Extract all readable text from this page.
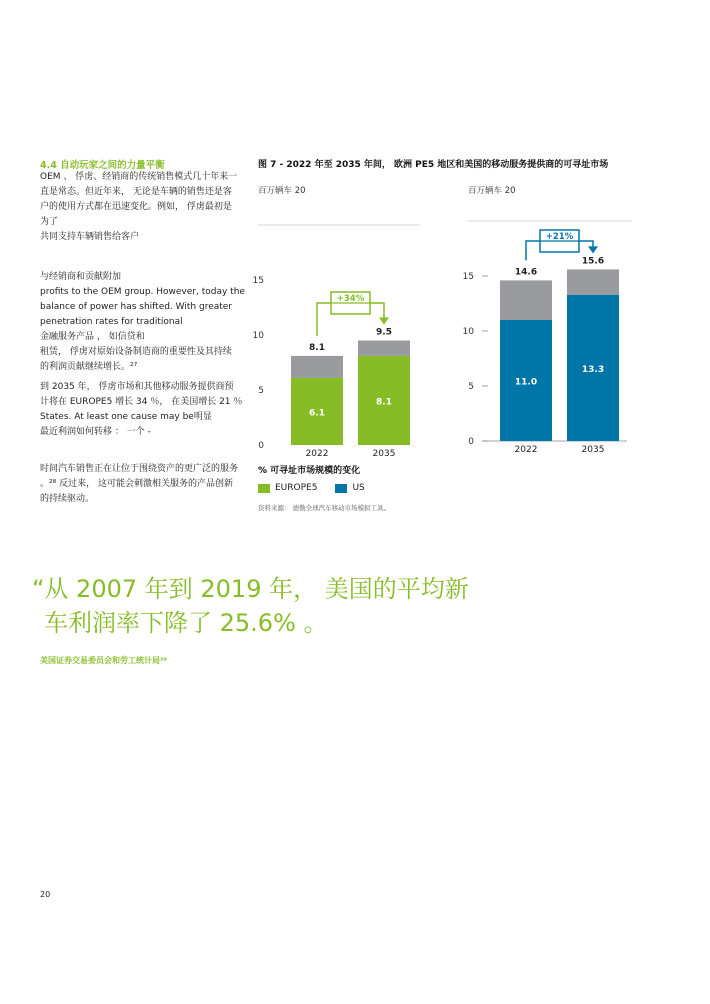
4.4 自动玩家之间的力量平衡
OEM 、 俘虏、经销商的传统销售模式几十年来一
直是常态。但近年来， 无论是车辆的销售还是客
户的使用方式都在迅速变化。例如， 俘虏最初是
为了
共同支持车辆销售给客户
与经销商和贡献附加
profits to the OEM group. However, today the
balance of power has shifted. With greater
penetration rates for traditional
金融服务产品 ， 如信贷和
租赁， 俘虏对原始设备制造商的重要性及其持续
的利润贡献继续增长。²⁷
到 2035 年， 俘虏市场和其他移动服务提供商预
计将在 EUROPE5 增长 34 ％， 在美国增长 21 ％
States. At least one cause may be明显
最近利润如何转移 ： 一个 -
时间汽车销售正在让位于围绕资产的更广泛的服务
。²⁸ 反过来， 这可能会刺激相关服务的产品创新
的持续驱动。
图 7 - 2022 年至 2035 年间， 欧洲 PE5 地区和美国的移动服务提供商的可寻址市场
百万辆车 20	百万辆车 20
0
5
10
15
6.1
8.1
2022
8.1
9.5
2035
+34%
0
5
10
15
11.0
14.6
2022
13.3
15.6
2035
+21%
% 可寻址市场规模的变化
EUROPE5	US
资料来源： 德勤全球汽车移动市场模拟工具。
“从 2007 年到 2019 年， 美国的平均新
车利润率下降了 25.6% 。
美国证券交易委员会和劳工统计局²⁹
20
